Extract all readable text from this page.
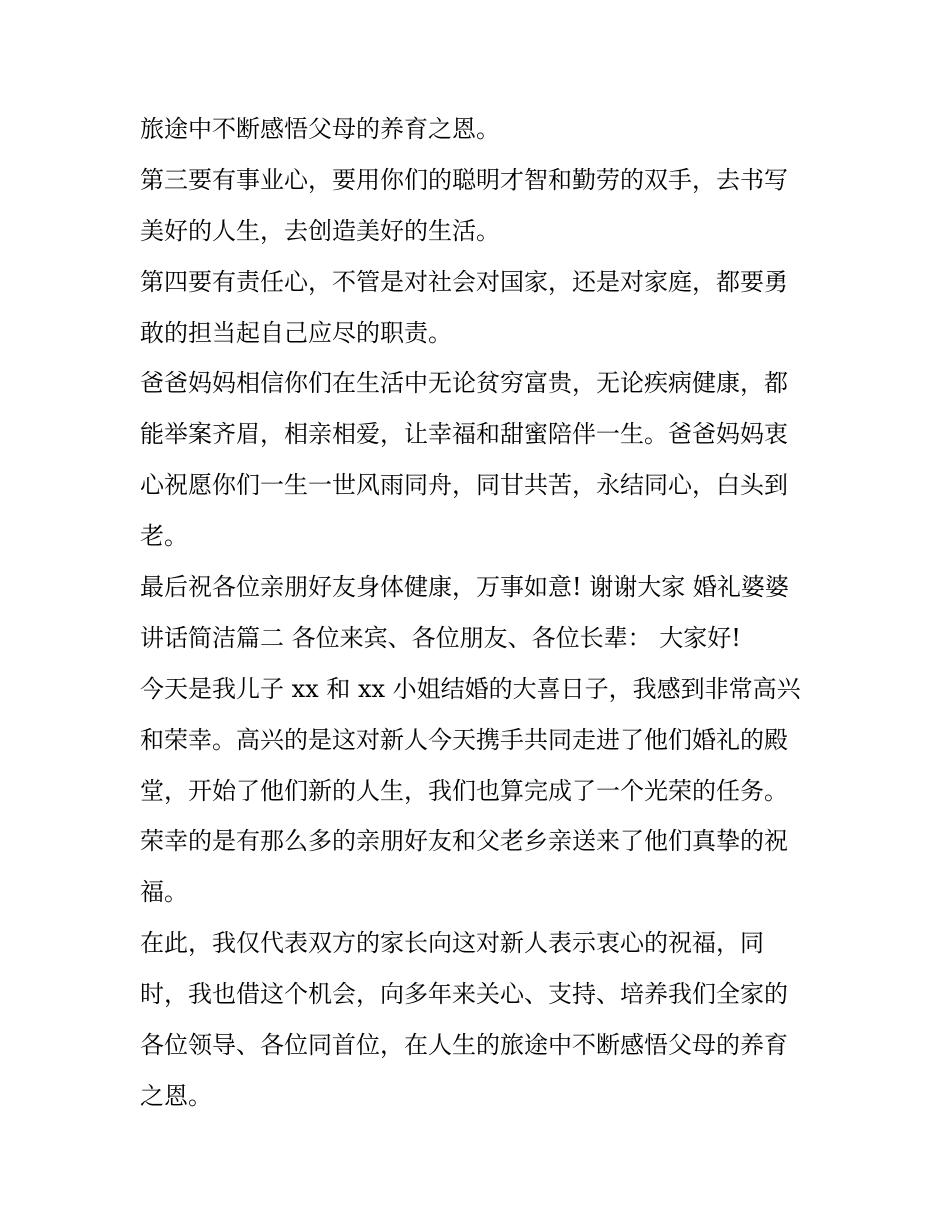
旅途中不断感悟父母的养育之恩。
第三要有事业心，要用你们的聪明才智和勤劳的双手，去书写
美好的人生，去创造美好的生活。
第四要有责任心，不管是对社会对国家，还是对家庭，都要勇
敢的担当起自己应尽的职责。
爸爸妈妈相信你们在生活中无论贫穷富贵，无论疾病健康，都
能举案齐眉，相亲相爱，让幸福和甜蜜陪伴一生。爸爸妈妈衷
心祝愿你们一生一世风雨同舟，同甘共苦，永结同心，白头到
老。
最后祝各位亲朋好友身体健康，万事如意! 谢谢大家 婚礼婆婆
讲话简洁篇二 各位来宾、各位朋友、各位长辈： 大家好!
今天是我儿子 xx 和 xx 小姐结婚的大喜日子，我感到非常高兴
和荣幸。高兴的是这对新人今天携手共同走进了他们婚礼的殿
堂，开始了他们新的人生，我们也算完成了一个光荣的任务。
荣幸的是有那么多的亲朋好友和父老乡亲送来了他们真挚的祝
福。
在此，我仅代表双方的家长向这对新人表示衷心的祝福，同
时，我也借这个机会，向多年来关心、支持、培养我们全家的
各位领导、各位同首位，在人生的旅途中不断感悟父母的养育
之恩。
